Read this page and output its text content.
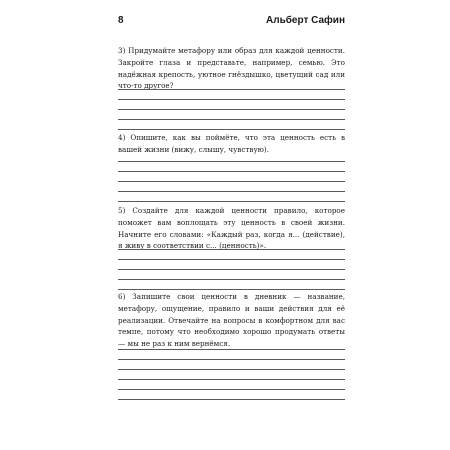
8	Альберт Сафин

3) Придумайте метафору или образ для каждой ценности. Закройте глаза и представьте, например, семью. Это надёжная крепость, уютное гнёздышко, цветущий сад или что-то другое?

4) Опишите, как вы поймёте, что эта ценность есть в вашей жизни (вижу, слышу, чувствую).

5) Создайте для каждой ценности правило, которое поможет вам воплощать эту ценность в своей жизни. Начните его словами: «Каждый раз, когда я... (действие), я живу в соответствии с... (ценность)».

6) Запишите свои ценности в дневник — название, метафору, ощущение, правило и ваши действия для её реализации. Отвечайте на вопросы в комфортном для вас темпе, потому что необходимо хорошо продумать ответы — мы не раз к ним вернёмся.
